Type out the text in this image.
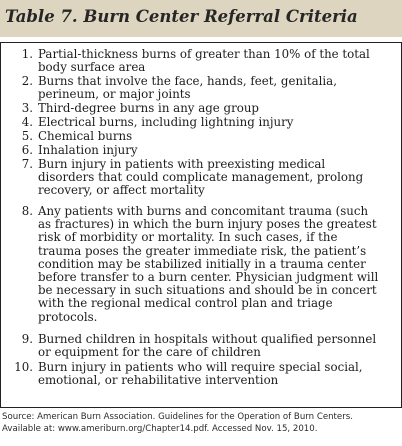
Table 7. Burn Center Referral Criteria
1. Partial-thickness burns of greater than 10% of the total body surface area
2. Burns that involve the face, hands, feet, genitalia, perineum, or major joints
3. Third-degree burns in any age group
4. Electrical burns, including lightning injury
5. Chemical burns
6. Inhalation injury
7. Burn injury in patients with preexisting medical disorders that could complicate management, prolong recovery, or affect mortality
8. Any patients with burns and concomitant trauma (such as fractures) in which the burn injury poses the greatest risk of morbidity or mortality. In such cases, if the trauma poses the greater immediate risk, the patient’s condition may be stabilized initially in a trauma center before transfer to a burn center. Physician judgment will be necessary in such situations and should be in concert with the regional medical control plan and triage protocols.
9. Burned children in hospitals without qualified personnel or equipment for the care of children
10. Burn injury in patients who will require special social, emotional, or rehabilitative intervention
Source: American Burn Association. Guidelines for the Operation of Burn Centers.
Available at: www.ameriburn.org/Chapter14.pdf. Accessed Nov. 15, 2010.
